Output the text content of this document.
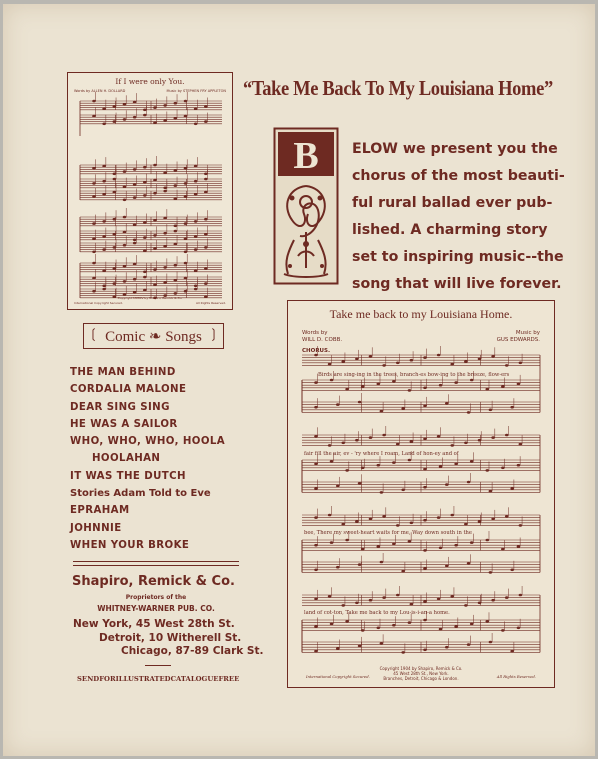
If I were only You.
Words by ALLEN H. DOLLARD	Music by STEPHEN FRY APPLETON
International Copyright Secured.
Copyright MCMIV by Shapiro, Remick & Co.
All Rights Reserved.
“Take Me Back To My Louisiana Home”
B ELOW we present you the
chorus of the most beauti-
ful rural ballad ever pub-
lished. A charming story
set to inspiring music--the
song that will live forever.
❲ Comic ❧ Songs ❳
THE MAN BEHIND
CORDALIA MALONE
DEAR SING SING
HE WAS A SAILOR
WHO, WHO, WHO, HOOLA
HOOLAHAN
IT WAS THE DUTCH
Stories Adam Told to Eve
EPRAHAM
JOHNNIE
WHEN YOUR BROKE
Shapiro, Remick & Co.
Proprietors of the
WHITNEY-WARNER PUB. CO.
New York, 45 West 28th St.
Detroit, 10 Witherell St.
Chicago, 87-89 Clark St.
SEND FOR ILLUSTRATED CATALOGUE FREE
Take me back to my Louisiana Home.
Words by
WILL D. COBB.
Music by
GUS EDWARDS.
CHORUS.
Birds are sing-ing in the trees, branch-es bow-ing to the breeze, flow-ers
fair fill the air, ev - 'ry where I roam, Land of hon-ey and of
bee, There my sweet-heart waits for me, Way down south in the
land of cot-ton, Take me back to my Lou-is-i-an-a home.
International Copyright Secured.
Copyright 1904 by Shapiro, Remick & Co.
45 West 28th St., New York.
Branches, Detroit, Chicago & London.	All Rights Reserved.
